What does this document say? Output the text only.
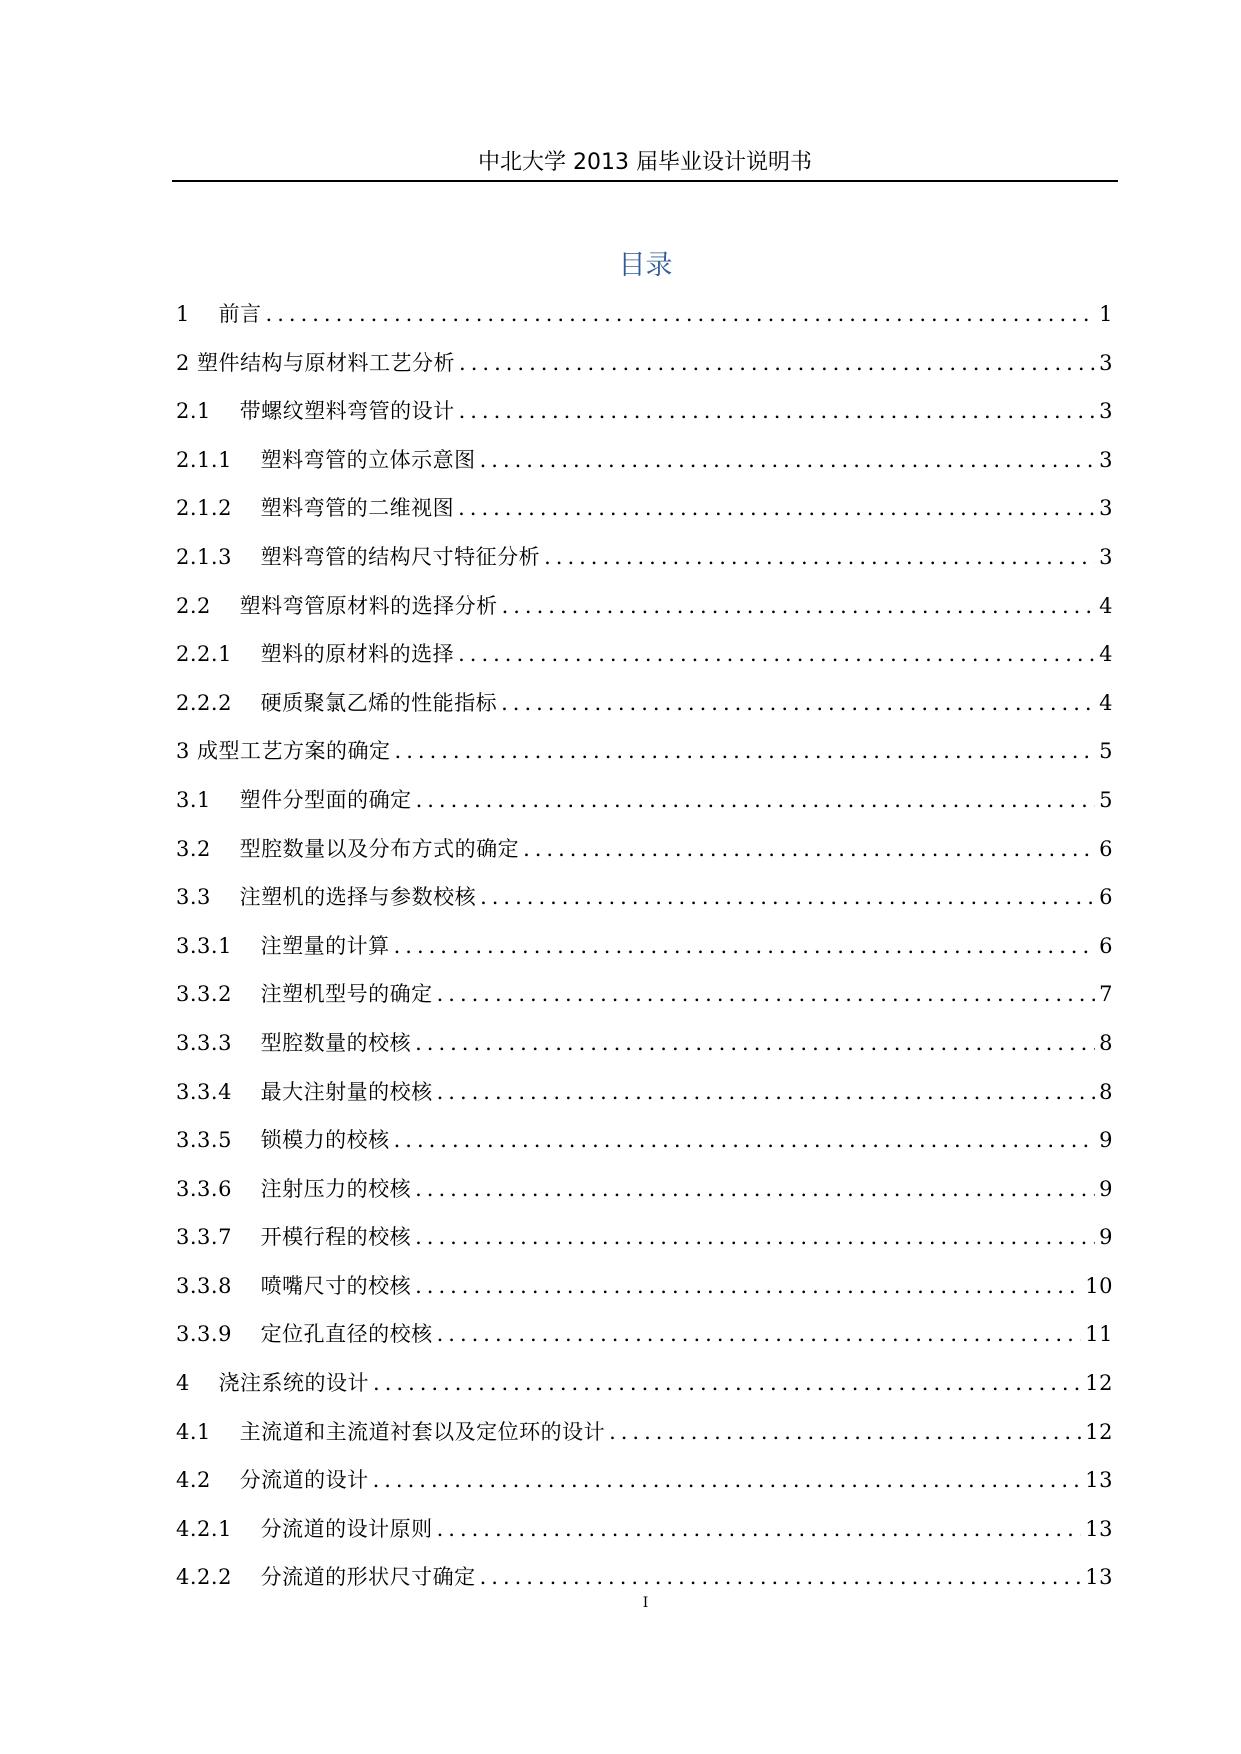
中北大学 2013 届毕业设计说明书
目录
1　 前言 .....	1
2 塑件结构与原材料工艺分析 .....	3
2.1　 带螺纹塑料弯管的设计 .....	3
2.1.1　 塑料弯管的立体示意图 .....	3
2.1.2　 塑料弯管的二维视图 .....	3
2.1.3　 塑料弯管的结构尺寸特征分析 .....	3
2.2　 塑料弯管原材料的选择分析 .....	4
2.2.1　 塑料的原材料的选择 .....	4
2.2.2　 硬质聚氯乙烯的性能指标 .....	4
3 成型工艺方案的确定 .....	5
3.1　 塑件分型面的确定 .....	5
3.2　 型腔数量以及分布方式的确定 .....	6
3.3　 注塑机的选择与参数校核 .....	6
3.3.1　 注塑量的计算 .....	6
3.3.2　 注塑机型号的确定 .....	7
3.3.3　 型腔数量的校核 .....	8
3.3.4　 最大注射量的校核 .....	8
3.3.5　 锁模力的校核 .....	9
3.3.6　 注射压力的校核 .....	9
3.3.7　 开模行程的校核 .....	9
3.3.8　 喷嘴尺寸的校核 .....	10
3.3.9　 定位孔直径的校核 .....	11
4　 浇注系统的设计 .....	12
4.1　 主流道和主流道衬套以及定位环的设计 .....	12
4.2　 分流道的设计 .....	13
4.2.1　 分流道的设计原则 .....	13
4.2.2　 分流道的形状尺寸确定 .....	13
I
